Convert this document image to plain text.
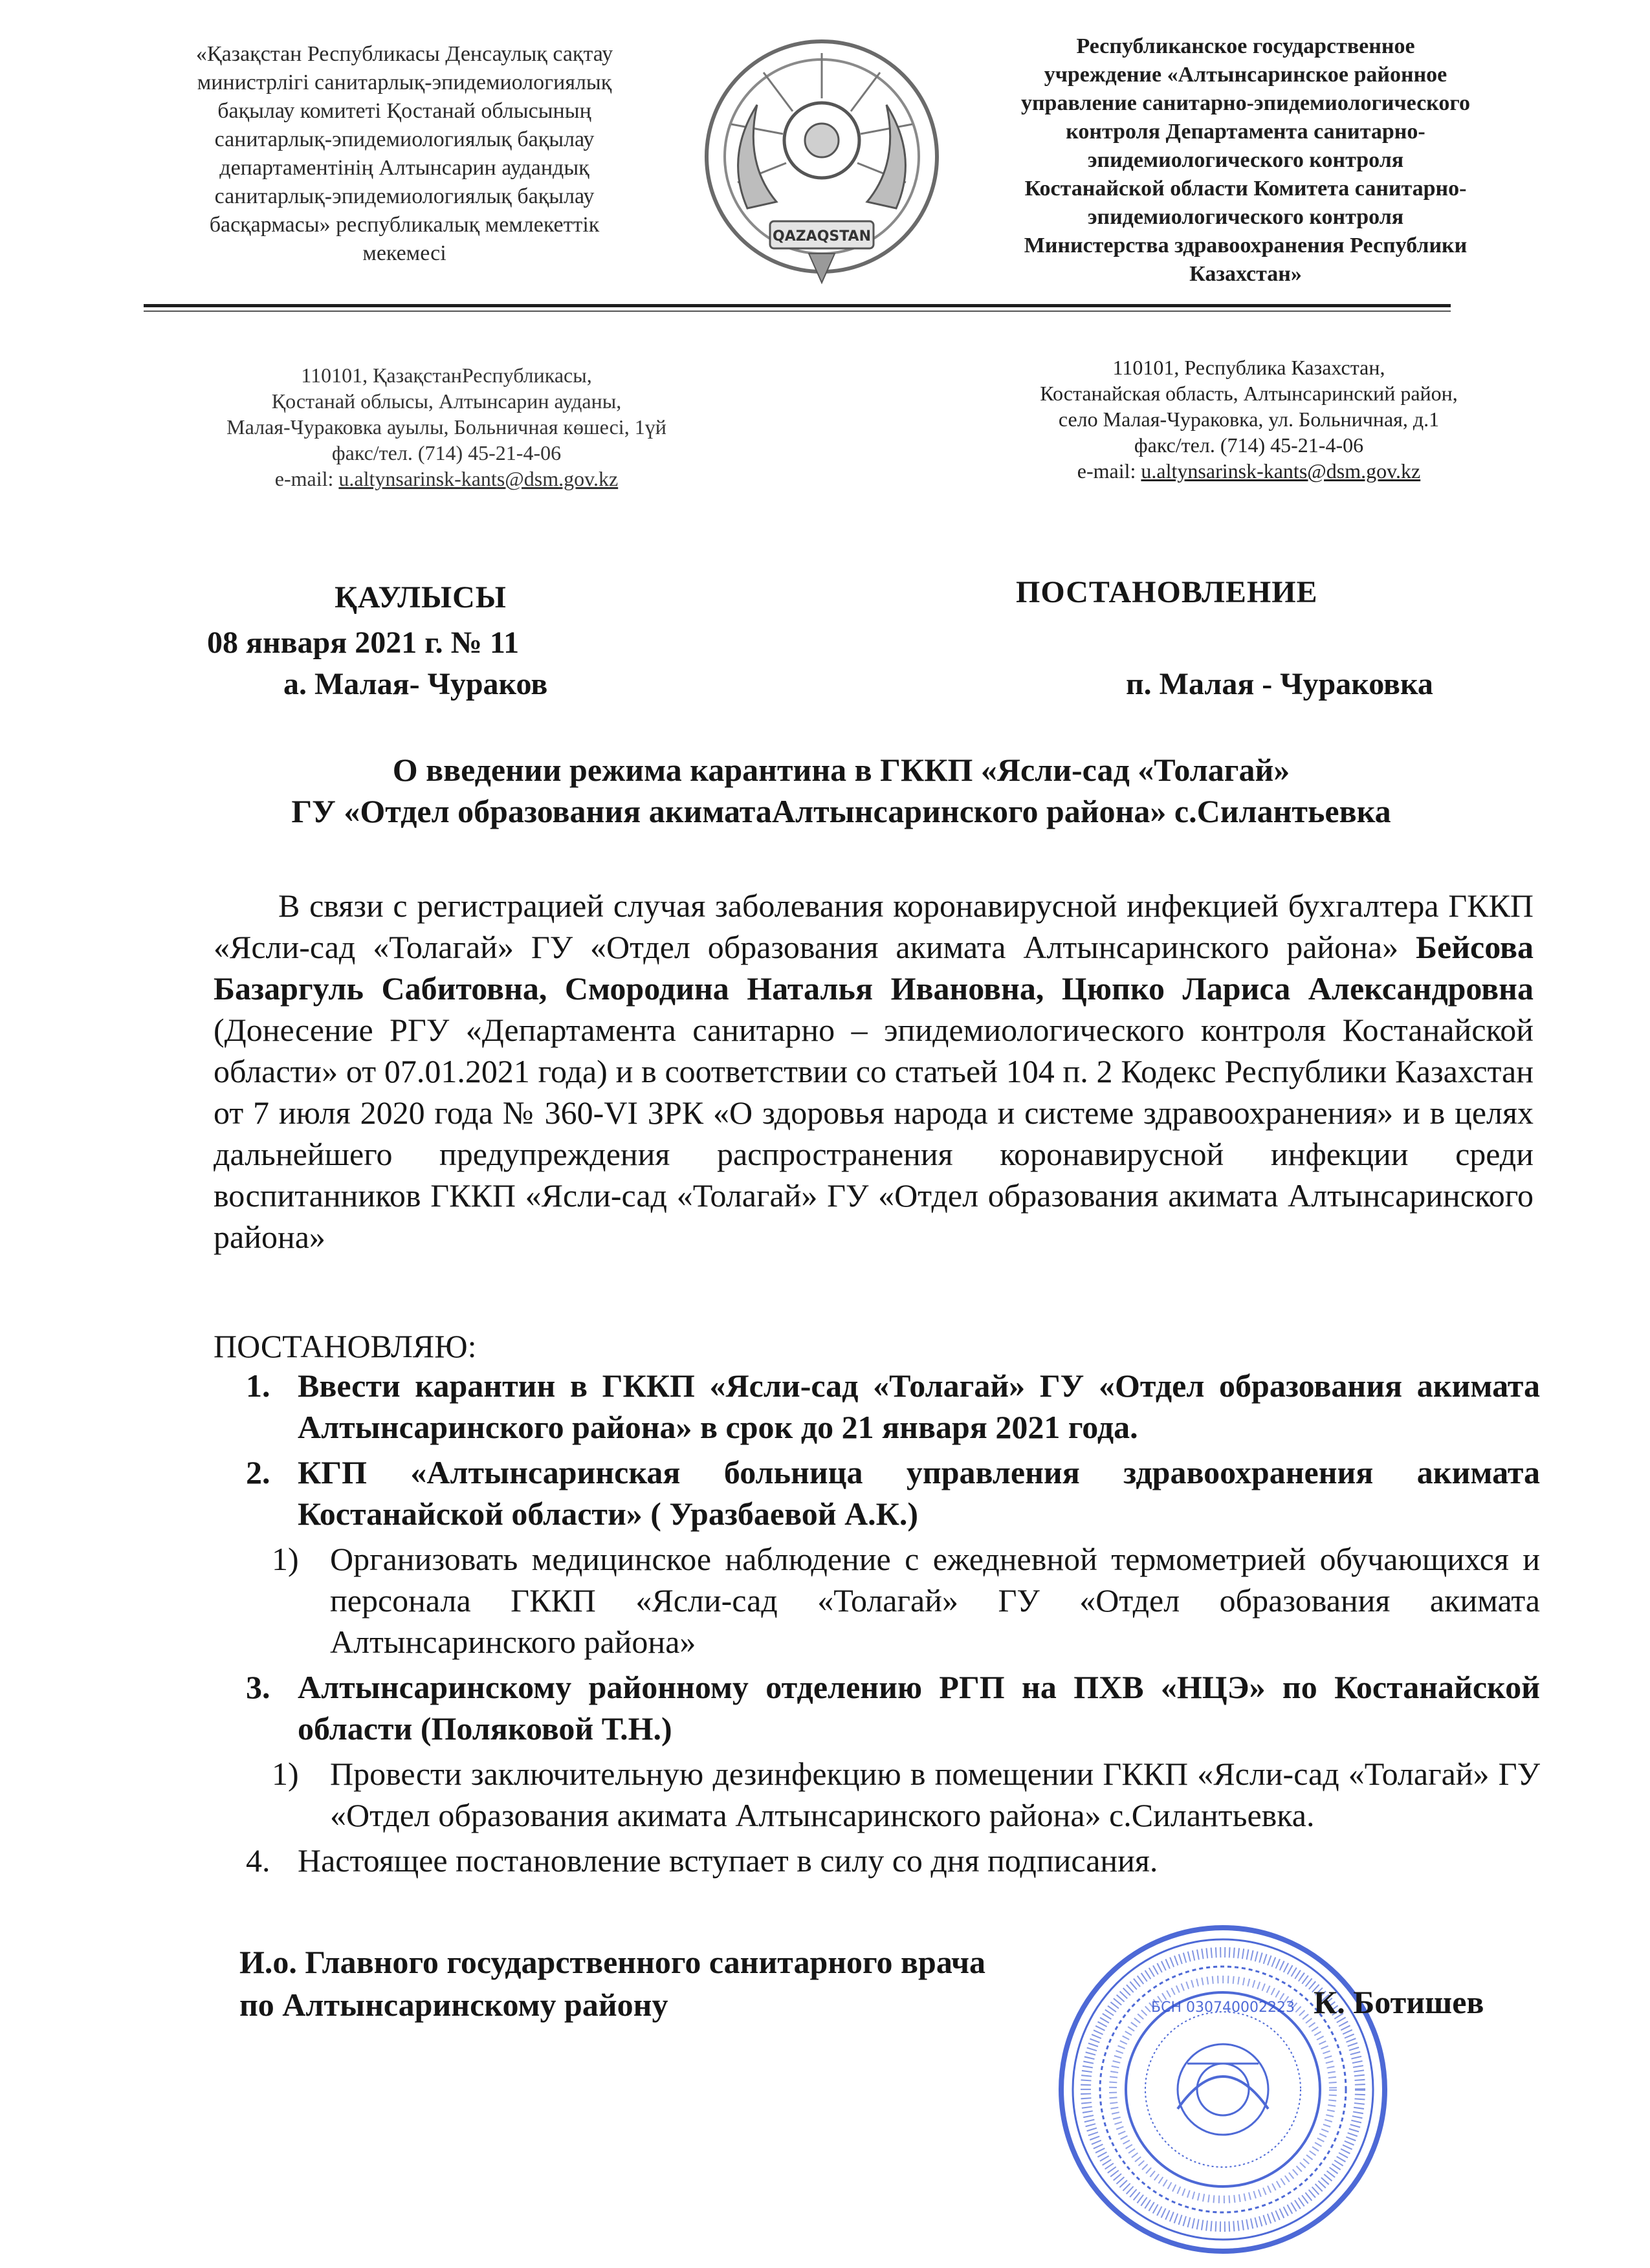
«Қазақстан Республикасы Денсаулық сақтау

министрлігі санитарлық-эпидемиологиялық

бақылау комитеті Қостанай облысының

санитарлық-эпидемиологиялық бақылау

департаментінің Алтынсарин аудандық

санитарлық-эпидемиологиялық бақылау

басқармасы» республикалық мемлекеттік

мекемесі

QAZAQSTAN

Республиканское государственное

учреждение «Алтынсаринское районное

управление санитарно-эпидемиологического

контроля Департамента санитарно-

эпидемиологического контроля

Костанайской области Комитета санитарно-

эпидемиологического контроля

Министерства здравоохранения Республики

Казахстан»

110101, ҚазақстанРеспубликасы,
Қостанай облысы, Алтынсарин ауданы,
Малая-Чураковка ауылы, Больничная көшесі, 1үй
факс/тел. (714) 45-21-4-06
e-mail: u.altynsarinsk-kants@dsm.gov.kz
110101, Республика Казахстан,
Костанайская область, Алтынсаринский район,
село Малая-Чураковка, ул. Больничная, д.1
факс/тел. (714) 45-21-4-06
e-mail: u.altynsarinsk-kants@dsm.gov.kz
ҚАУЛЫСЫ
08 января 2021 г. № 11
а. Малая- Чураков
ПОСТАНОВЛЕНИЕ
п. Малая - Чураковка
О введении режима карантина в ГККП «Ясли-сад «Толагай»
ГУ «Отдел образования акиматаАлтынсаринского района» с.Силантьевка
В связи с регистрацией случая заболевания коронавирусной инфекцией бухгалтера ГККП «Ясли-сад «Толагай» ГУ «Отдел образования акимата Алтынсаринского района» Бейсова Базаргуль Сабитовна, Смородина Наталья Ивановна, Цюпко Лариса Александровна (Донесение РГУ «Департамента санитарно – эпидемиологического контроля Костанайской области» от 07.01.2021 года) и в соответствии со статьей 104 п. 2 Кодекс Республики Казахстан от 7 июля 2020 года № 360-VI ЗРК «О здоровья народа и системе здравоохранения» и в целях дальнейшего предупреждения распространения коронавирусной инфекции среди воспитанников ГККП «Ясли-сад «Толагай» ГУ «Отдел образования акимата Алтынсаринского района»
ПОСТАНОВЛЯЮ:
1. Ввести карантин в ГККП «Ясли-сад «Толагай» ГУ «Отдел образования акимата Алтынсаринского района» в срок до 21 января 2021 года.
2. КГП «Алтынсаринская больница управления здравоохранения акимата Костанайской области» ( Уразбаевой А.К.)
1) Организовать медицинское наблюдение с ежедневной термометрией обучающихся и персонала ГККП «Ясли-сад «Толагай» ГУ «Отдел образования акимата Алтынсаринского района»
3. Алтынсаринскому районному отделению РГП на ПХВ «НЦЭ» по Костанайской области (Поляковой Т.Н.)
1) Провести заключительную дезинфекцию в помещении ГККП «Ясли-сад «Толагай» ГУ «Отдел образования акимата Алтынсаринского района» с.Силантьевка.
4. Настоящее постановление вступает в силу со дня подписания.
БСН 030740002223
И.о. Главного государственного санитарного врача
по Алтынсаринскому району	К. Ботишев
